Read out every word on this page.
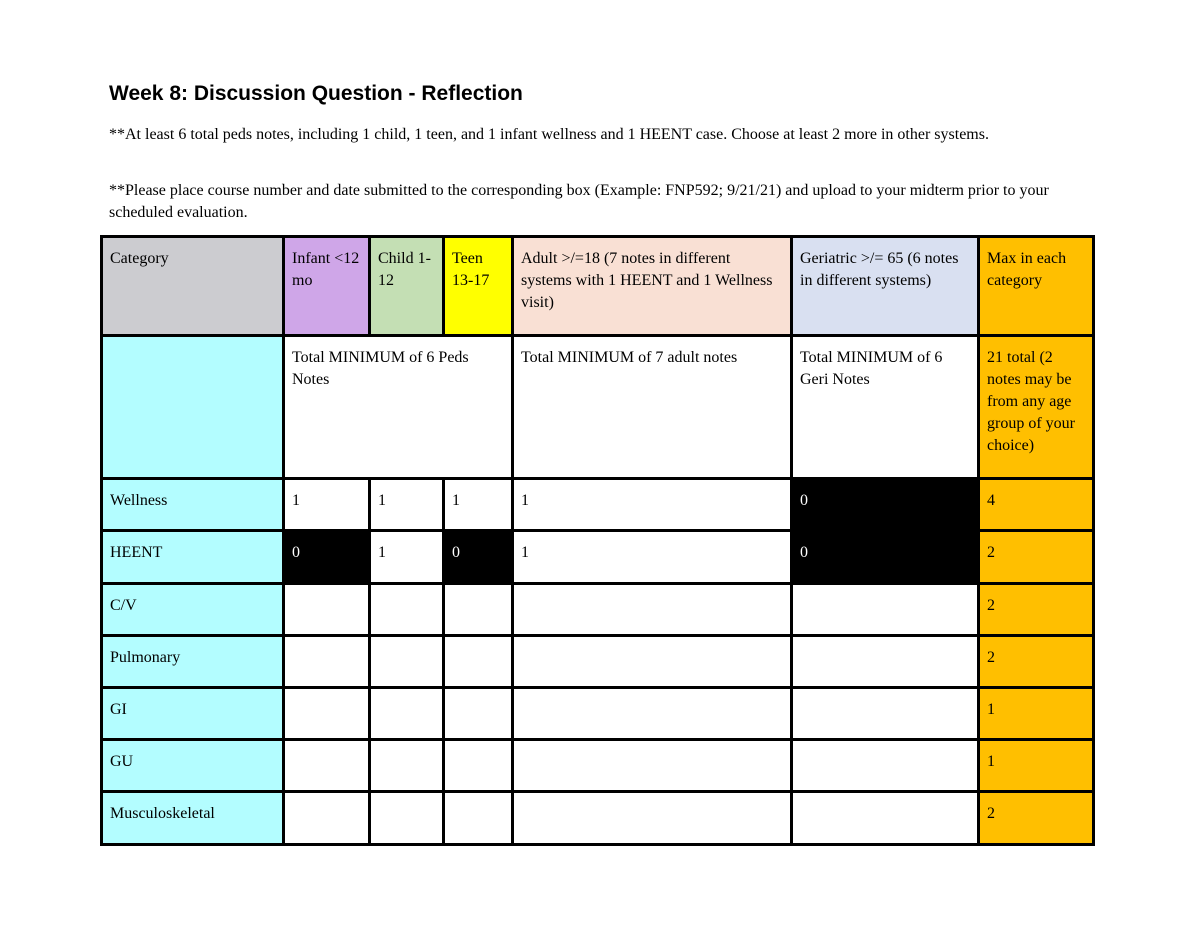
Week 8: Discussion Question - Reflection
**At least 6 total peds notes, including 1 child, 1 teen, and 1 infant wellness and 1 HEENT case. Choose at least 2 more in other systems.
**Please place course number and date submitted to the corresponding box (Example: FNP592; 9/21/21) and upload to your midterm prior to your scheduled evaluation.
Category	Infant <12 mo	Child 1-12	Teen 13-17	Adult >/=18 (7 notes in different systems with 1 HEENT and 1 Wellness visit)	Geriatric >/= 65 (6 notes in different systems)	Max in each category
	Total MINIMUM of 6 Peds Notes			Total MINIMUM of 7 adult notes	Total MINIMUM of 6 Geri Notes	21 total (2 notes may be from any age group of your choice)
Wellness	1	1	1	1	0	4
HEENT	0	1	0	1	0	2
C/V						2
Pulmonary						2
GI						1
GU						1
Musculoskeletal						2
